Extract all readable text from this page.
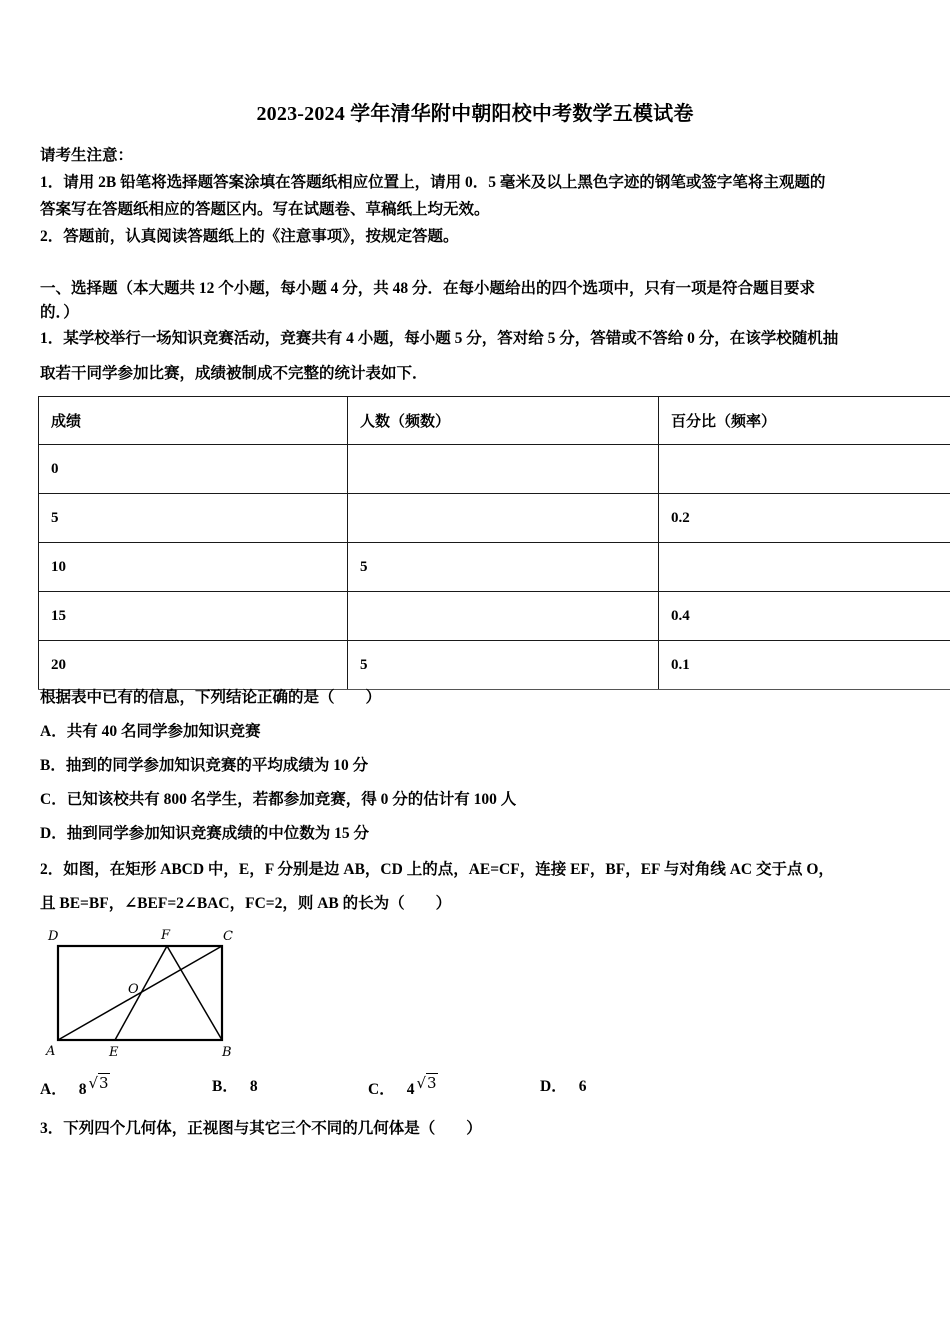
2023-2024 学年清华附中朝阳校中考数学五模试卷
请考生注意：
1．请用 2B 铅笔将选择题答案涂填在答题纸相应位置上，请用 0．5 毫米及以上黑色字迹的钢笔或签字笔将主观题的
答案写在答题纸相应的答题区内。写在试题卷、草稿纸上均无效。
2．答题前，认真阅读答题纸上的《注意事项》，按规定答题。
一、选择题（本大题共 12 个小题，每小题 4 分，共 48 分．在每小题给出的四个选项中，只有一项是符合题目要求
的．）
1．某学校举行一场知识竞赛活动，竞赛共有 4 小题，每小题 5 分，答对给 5 分，答错或不答给 0 分，在该学校随机抽
取若干同学参加比赛，成绩被制成不完整的统计表如下．
成绩	人数（频数）	百分比（频率）
0		
5		0.2
10	5	
15		0.4
20	5	0.1
根据表中已有的信息，下列结论正确的是（　　）
A．共有 40 名同学参加知识竞赛
B．抽到的同学参加知识竞赛的平均成绩为 10 分
C．已知该校共有 800 名学生，若都参加竞赛，得 0 分的估计有 100 人
D．抽到同学参加知识竞赛成绩的中位数为 15 分
2．如图，在矩形 ABCD 中，E，F 分别是边 AB，CD 上的点，AE=CF，连接 EF，BF，EF 与对角线 AC 交于点 O，
且 BE=BF，∠BEF=2∠BAC，FC=2，则 AB 的长为（　　）
D	F	C
O
A	E	B
A． 8 √3	B． 8	C． 4 √3	D． 6
3．下列四个几何体，正视图与其它三个不同的几何体是（　　）
